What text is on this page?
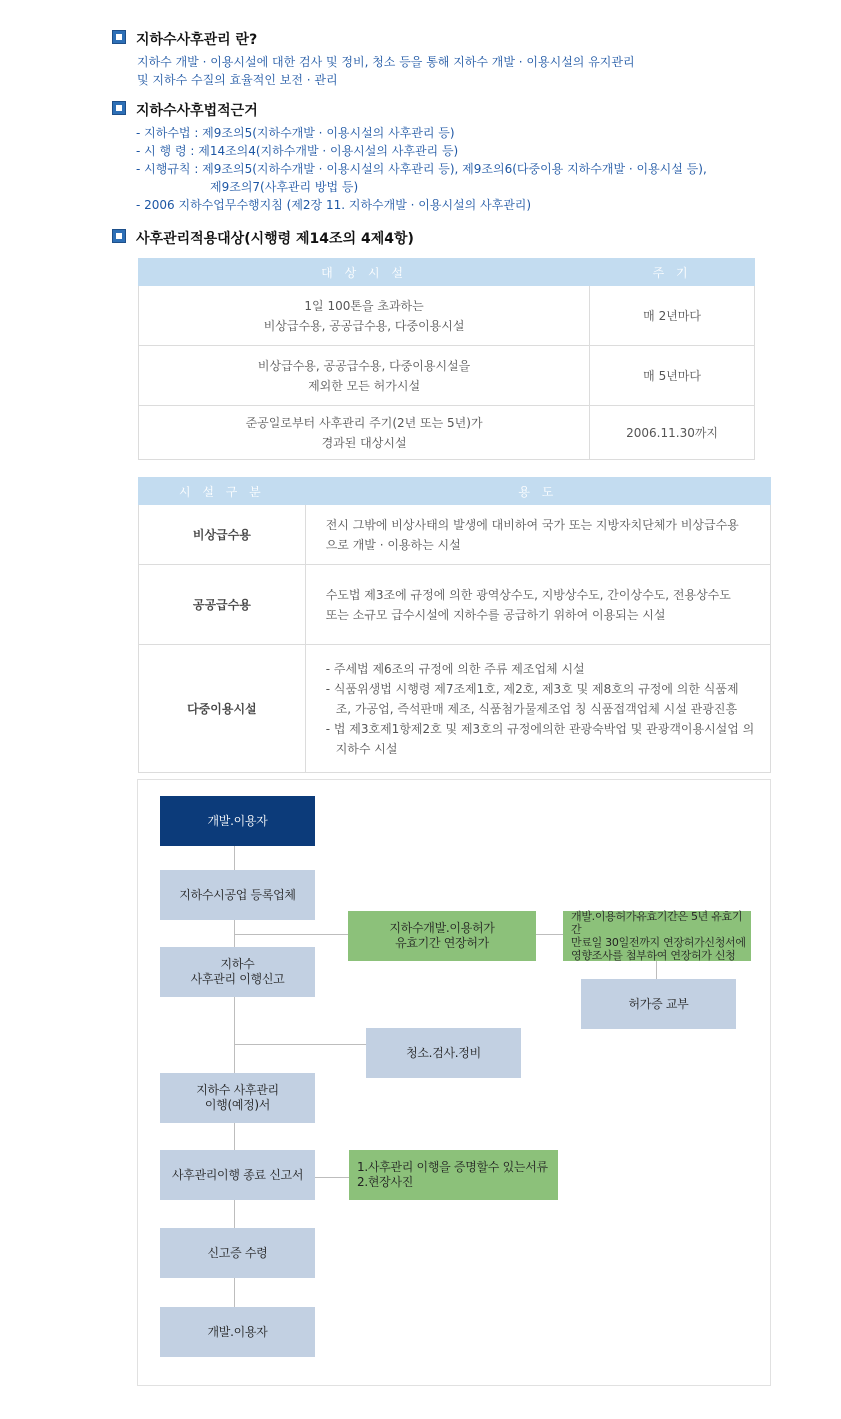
지하수사후관리 란?
지하수 개발 · 이용시설에 대한 검사 및 정비, 청소 등을 통해 지하수 개발 · 이용시설의 유지관리
및 지하수 수질의 효율적인 보전 · 관리
지하수사후법적근거
- 지하수법 : 제9조의5(지하수개발 · 이용시설의 사후관리 등)
- 시 행 령 : 제14조의4(지하수개발 · 이용시설의 사후관리 등)
- 시행규칙 : 제9조의5(지하수개발 · 이용시설의 사후관리 등), 제9조의6(다중이용 지하수개발 · 이용시설 등),
제9조의7(사후관리 방법 등)
- 2006 지하수업무수행지침 (제2장 11. 지하수개발 · 이용시설의 사후관리)
사후관리적용대상(시행령 제14조의 4제4항)
대 상 시 설	주 기

1일 100톤을 초과하는
비상급수용, 공공급수용, 다중이용시설	매 2년마다

비상급수용, 공공급수용, 다중이용시설을
제외한 모든 허가시설	매 5년마다

준공일로부터 사후관리 주기(2년 또는 5년)가
경과된 대상시설	2006.11.30까지
시 설 구 분	용 도
비상급수용	전시 그밖에 비상사태의 발생에 대비하여 국가 또는 지방자치단체가 비상급수용
으로 개발 · 이용하는 시설

공공급수용	수도법 제3조에 규정에 의한 광역상수도, 지방상수도, 간이상수도, 전용상수도
또는 소규모 급수시설에 지하수를 공급하기 위하여 이용되는 시설

다중이용시설	- 주세법 제6조의 규정에 의한 주류 제조업체 시설
- 식품위생법 시행령 제7조제1호, 제2호, 제3호 및 제8호의 규정에 의한 식품제 조, 가공업, 즉석판매 제조, 식품첨가물제조업 칭 식품접객업체 시설 관광진흥
- 법 제3호제1항제2호 및 제3호의 규정에의한 관광숙박업 및 관광객이용시설업 의 지하수 시설
개발.이용자
지하수시공업 등록업체
지하수
사후관리 이행신고
지하수개발.이용허가
유효기간 연장허가
개발.이용허가유효기간은 5년 유효기간
만료일 30일전까지 연장허가신청서에
영향조사를 첨부하여 연장허가 신청
허가증 교부
청소.검사.정비
지하수 사후관리
이행(예정)서
사후관리이행 종료 신고서
1.사후관리 이행을 증명할수 있는서류
2.현장사진
신고증 수령
개발.이용자
